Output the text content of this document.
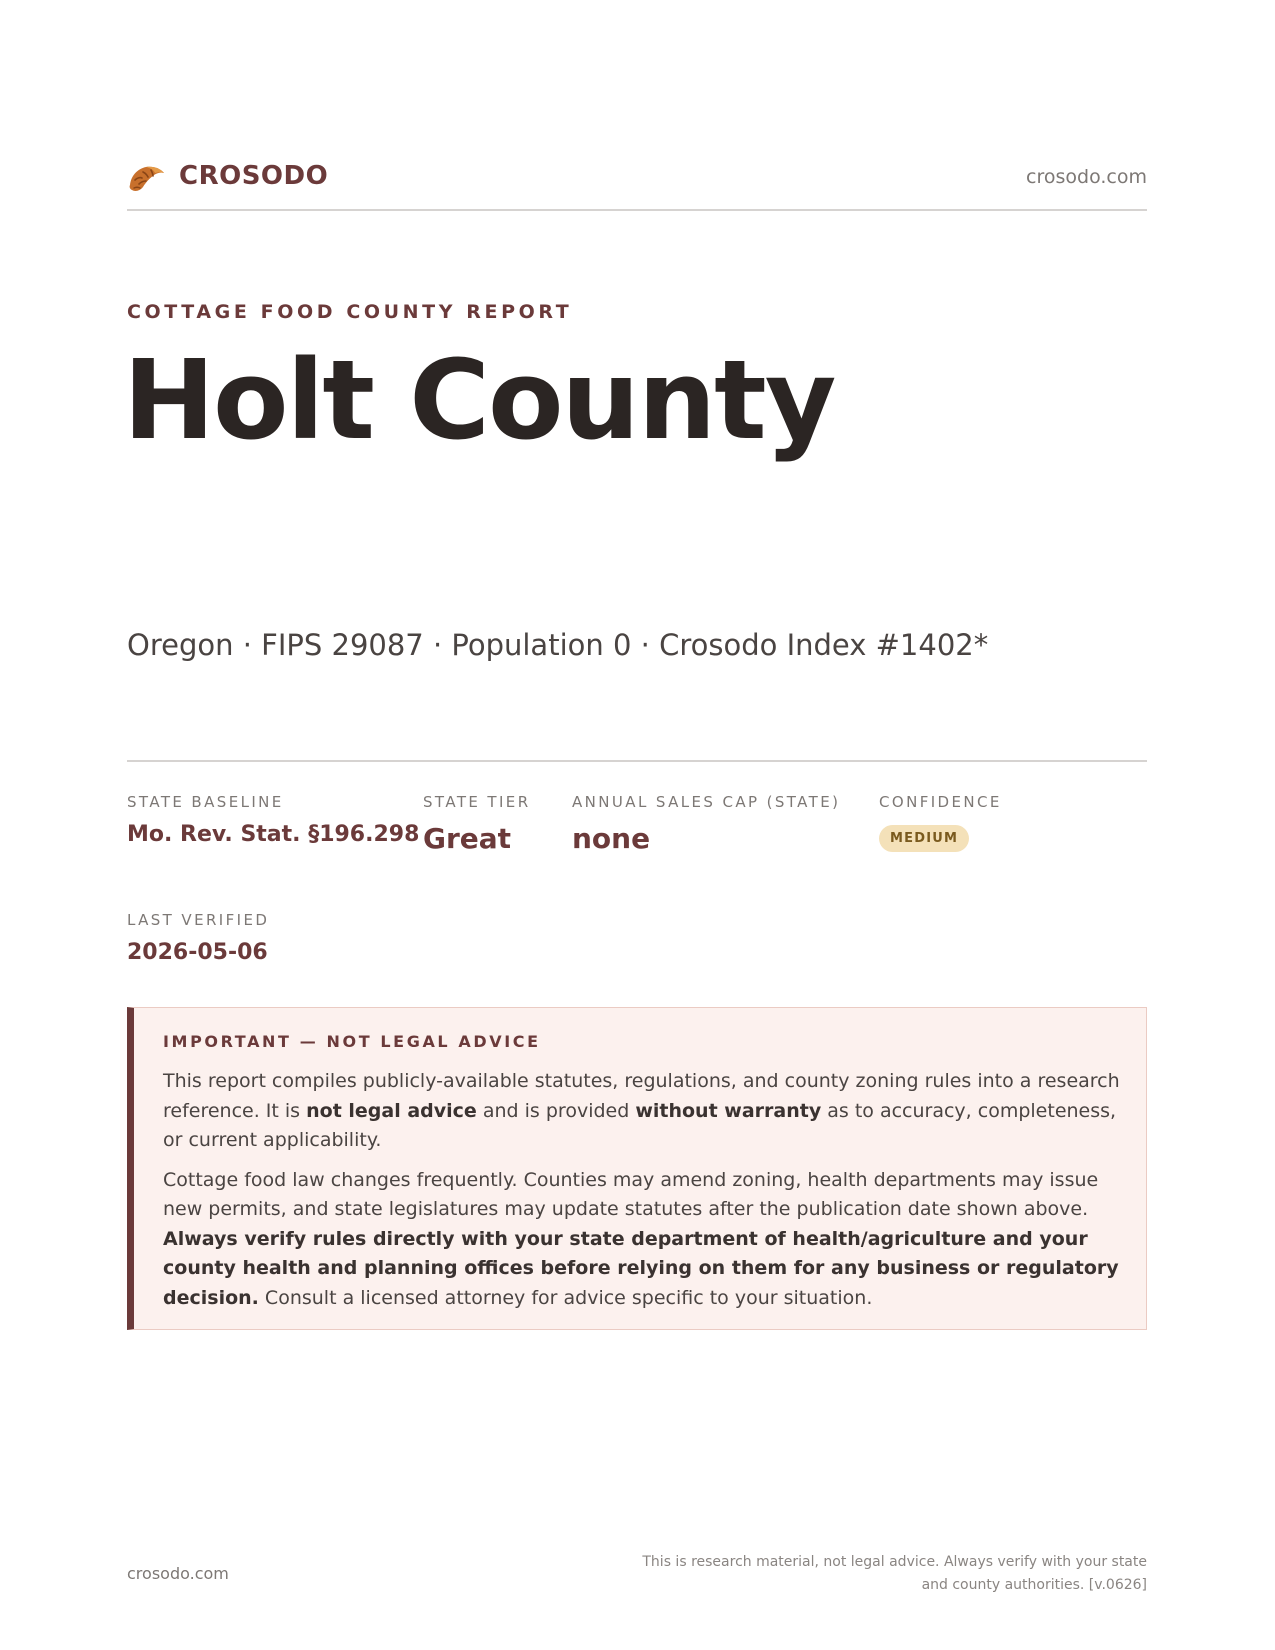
CROSODO	crosodo.com
COTTAGE FOOD COUNTY REPORT
Holt County
Oregon · FIPS 29087 · Population 0 · Crosodo Index #1402*
STATE BASELINE
Mo. Rev. Stat. §196.298
STATE TIER
Great
ANNUAL SALES CAP (STATE)
none
CONFIDENCE
MEDIUM
LAST VERIFIED
2026-05-06
IMPORTANT — NOT LEGAL ADVICE

This report compiles publicly-available statutes, regulations, and county zoning rules into a research reference. It is not legal advice and is provided without warranty as to accuracy, completeness, or current applicability.

Cottage food law changes frequently. Counties may amend zoning, health departments may issue new permits, and state legislatures may update statutes after the publication date shown above. Always verify rules directly with your state department of health/agriculture and your county health and planning offices before relying on them for any business or regulatory decision. Consult a licensed attorney for advice specific to your situation.

crosodo.com
This is research material, not legal advice. Always verify with your state
and county authorities. [v.0626]
